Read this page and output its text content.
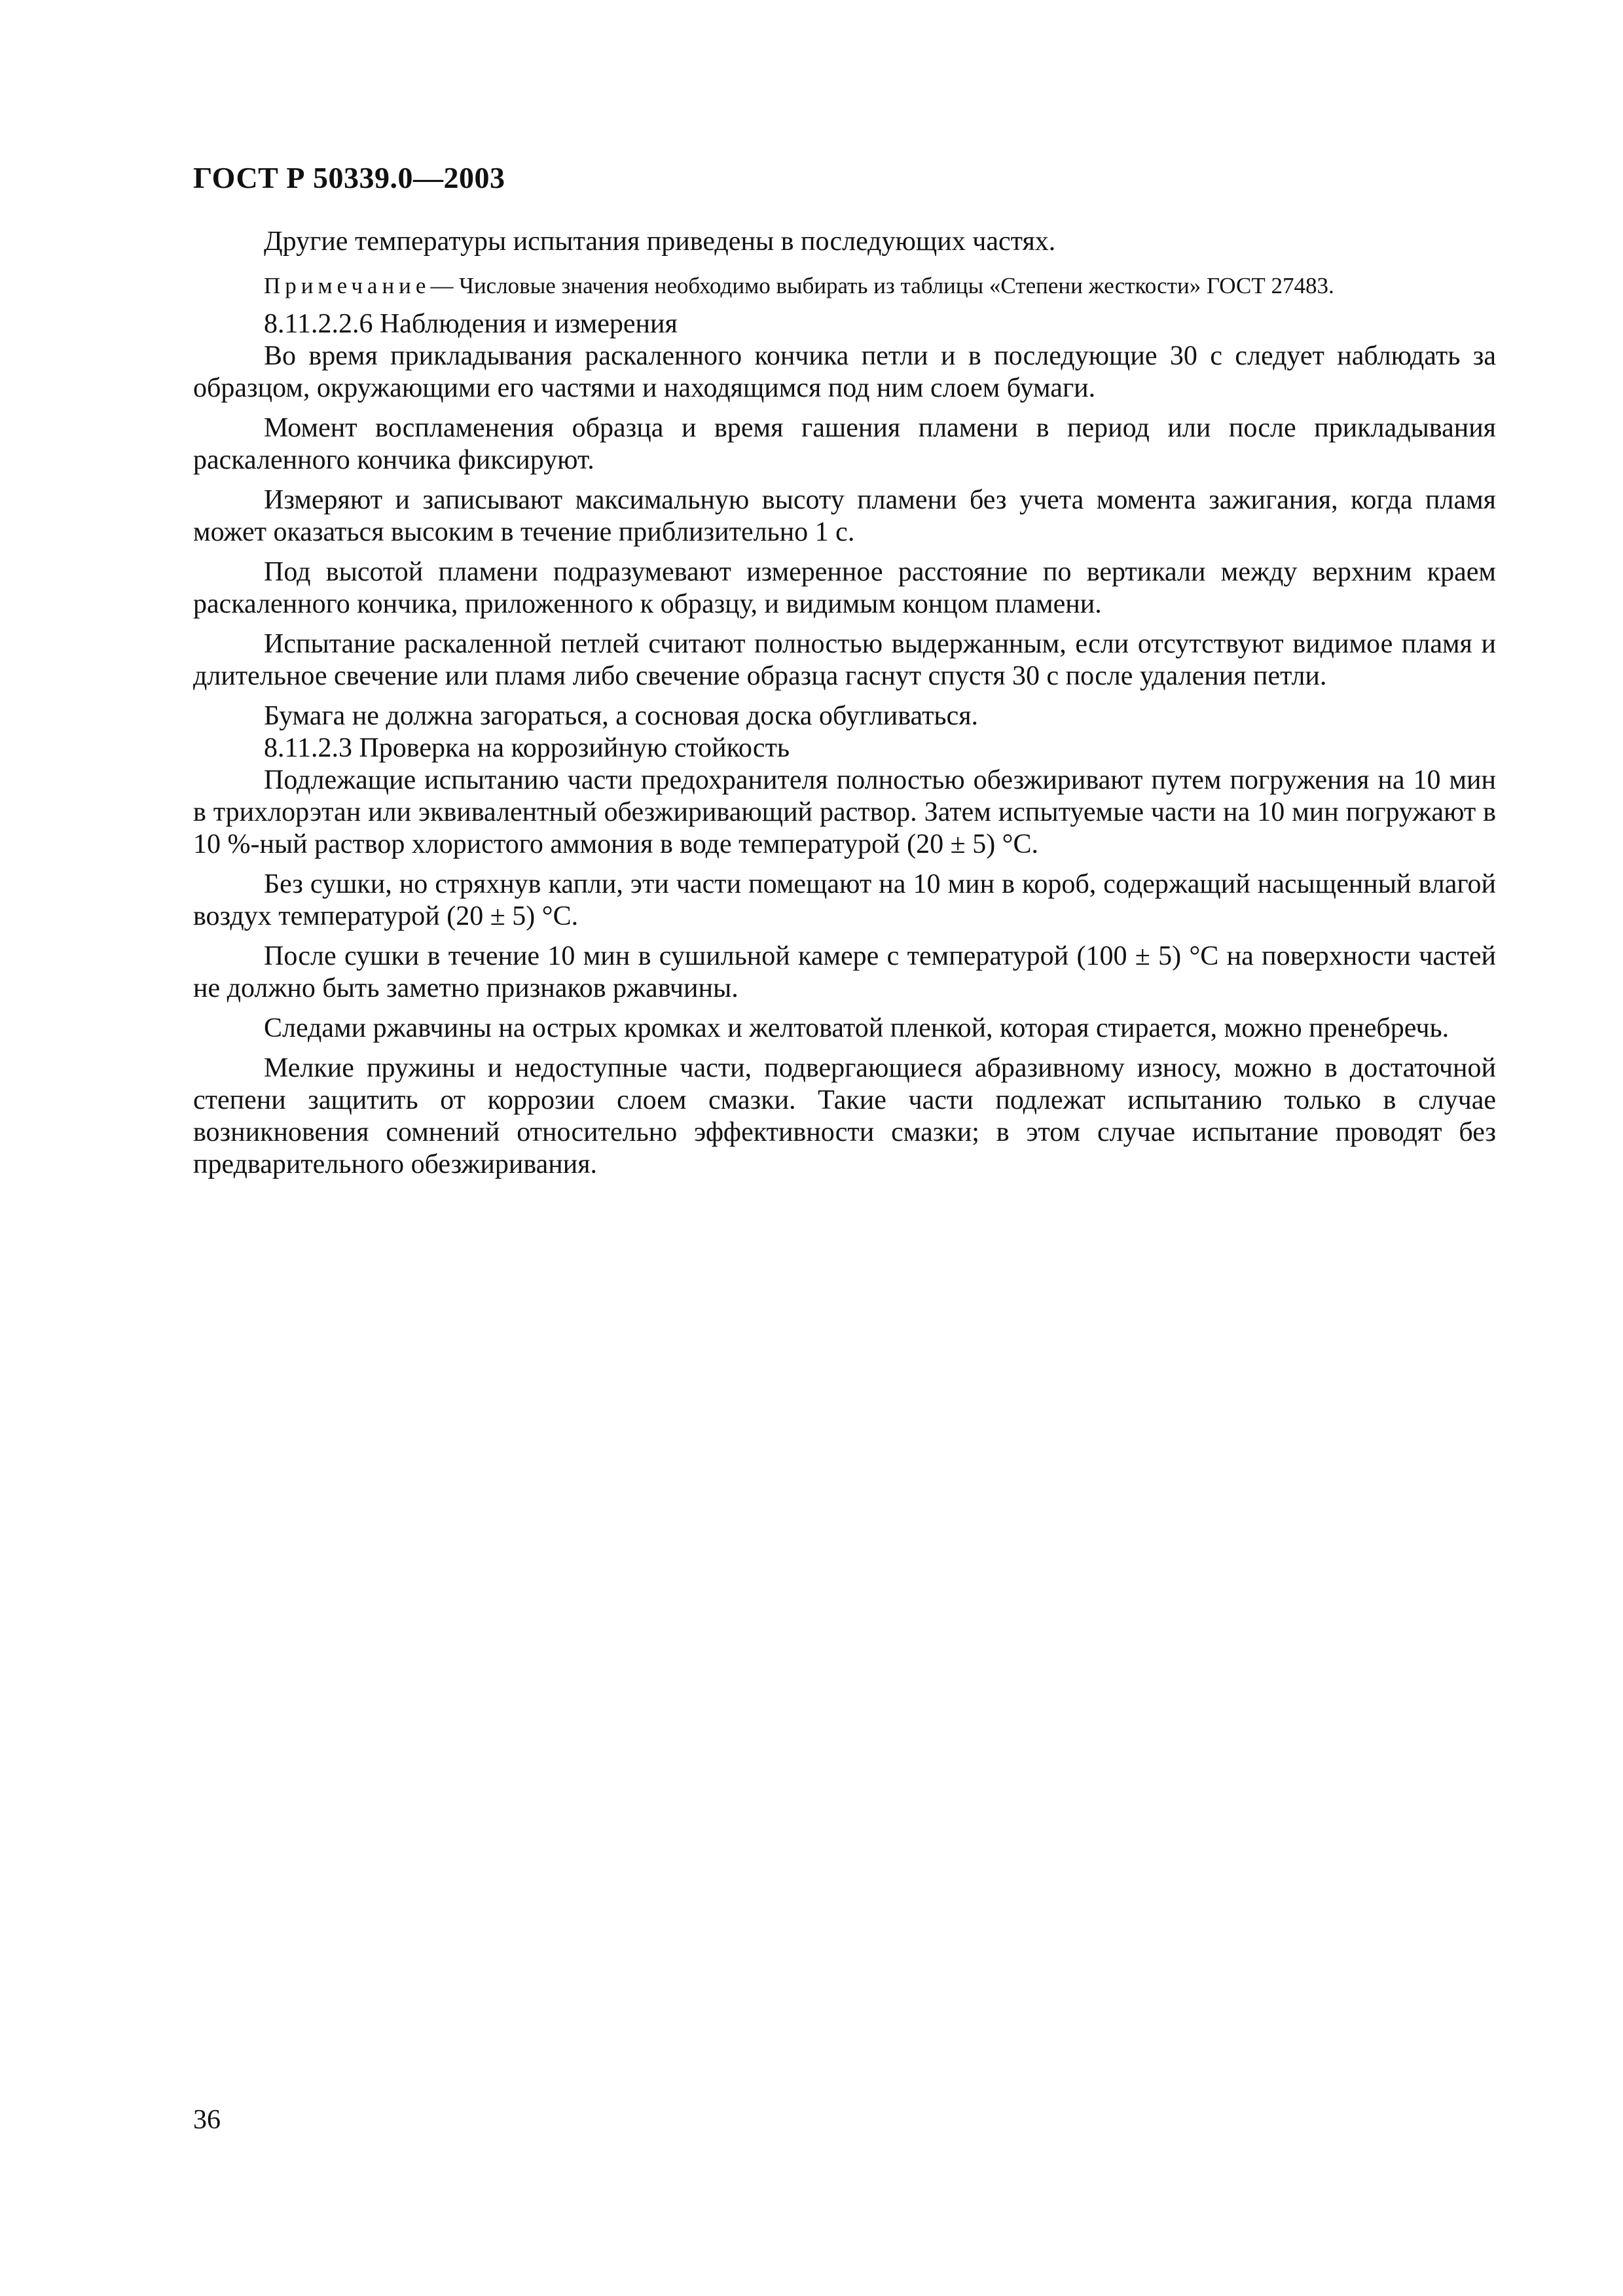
ГОСТ Р 50339.0—2003

Другие температуры испытания приведены в последующих частях.

Примечание— Числовые значения необходимо выбирать из таблицы «Степени жесткости» ГОСТ 27483.

8.11.2.2.6 Наблюдения и измерения

Во время прикладывания раскаленного кончика петли и в последующие 30 с следует наблюдать за образцом, окружающими его частями и находящимся под ним слоем бумаги.

Момент воспламенения образца и время гашения пламени в период или после прикладывания раскаленного кончика фиксируют.

Измеряют и записывают максимальную высоту пламени без учета момента зажигания, когда пламя может оказаться высоким в течение приблизительно 1 с.

Под высотой пламени подразумевают измеренное расстояние по вертикали между верхним краем раскаленного кончика, приложенного к образцу, и видимым концом пламени.

Испытание раскаленной петлей считают полностью выдержанным, если отсутствуют видимое пламя и длительное свечение или пламя либо свечение образца гаснут спустя 30 с после удаления петли.

Бумага не должна загораться, а сосновая доска обугливаться.

8.11.2.3 Проверка на коррозийную стойкость

Подлежащие испытанию части предохранителя полностью обезжиривают путем погружения на 10 мин в трихлорэтан или эквивалентный обезжиривающий раствор. Затем испытуемые части на 10 мин погружают в 10 %-ный раствор хлористого аммония в воде температурой (20 ± 5) °С.

Без сушки, но стряхнув капли, эти части помещают на 10 мин в короб, содержащий насыщенный влагой воздух температурой (20 ± 5) °С.

После сушки в течение 10 мин в сушильной камере с температурой (100 ± 5) °С на поверхности частей не должно быть заметно признаков ржавчины.

Следами ржавчины на острых кромках и желтоватой пленкой, которая стирается, можно пренебречь.

Мелкие пружины и недоступные части, подвергающиеся абразивному износу, можно в достаточной степени защитить от коррозии слоем смазки. Такие части подлежат испытанию только в случае возникновения сомнений относительно эффективности смазки; в этом случае испытание проводят без предварительного обезжиривания.

36
